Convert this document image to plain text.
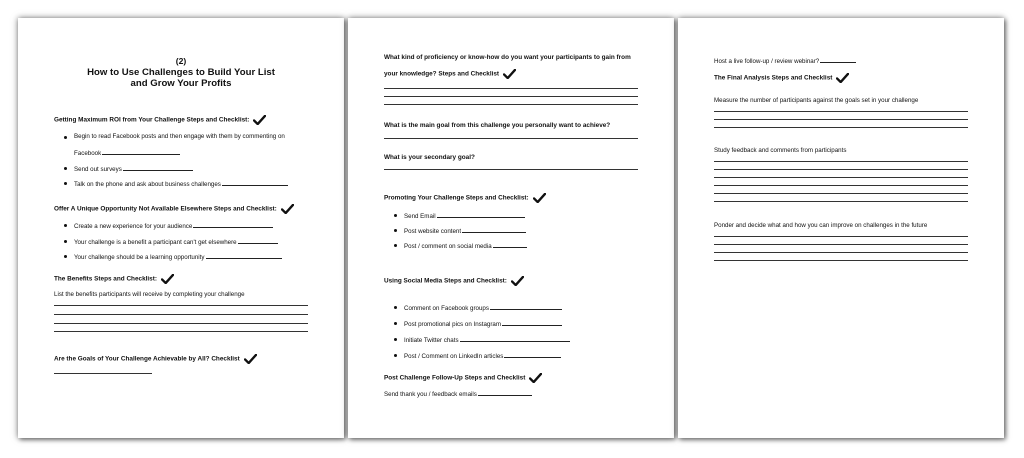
(2)
How to Use Challenges to Build Your List
and Grow Your Profits
Getting Maximum ROI from Your Challenge Steps and Checklist:
Begin to read Facebook posts and then engage with them by commenting on
Facebook
Send out surveys
Talk on the phone and ask about business challenges
Offer A Unique Opportunity Not Available Elsewhere Steps and Checklist:
Create a new experience for your audience
Your challenge is a benefit a participant can't get elsewhere
Your challenge should be a learning opportunity
The Benefits Steps and Checklist:
List the benefits participants will receive by completing your challenge
Are the Goals of Your Challenge Achievable by All? Checklist
What kind of proficiency or know-how do you want your participants to gain from
your knowledge? Steps and Checklist
What is the main goal from this challenge you personally want to achieve?
What is your secondary goal?
Promoting Your Challenge Steps and Checklist:
Send Email
Post website content
Post / comment on social media
Using Social Media Steps and Checklist:
Comment on Facebook groups
Post promotional pics on Instagram
Initiate Twitter chats
Post / Comment on LinkedIn articles
Post Challenge Follow-Up Steps and Checklist
Send thank you / feedback emails
Host a live follow-up / review webinar?
The Final Analysis Steps and Checklist
Measure the number of participants against the goals set in your challenge
Study feedback and comments from participants
Ponder and decide what and how you can improve on challenges in the future
